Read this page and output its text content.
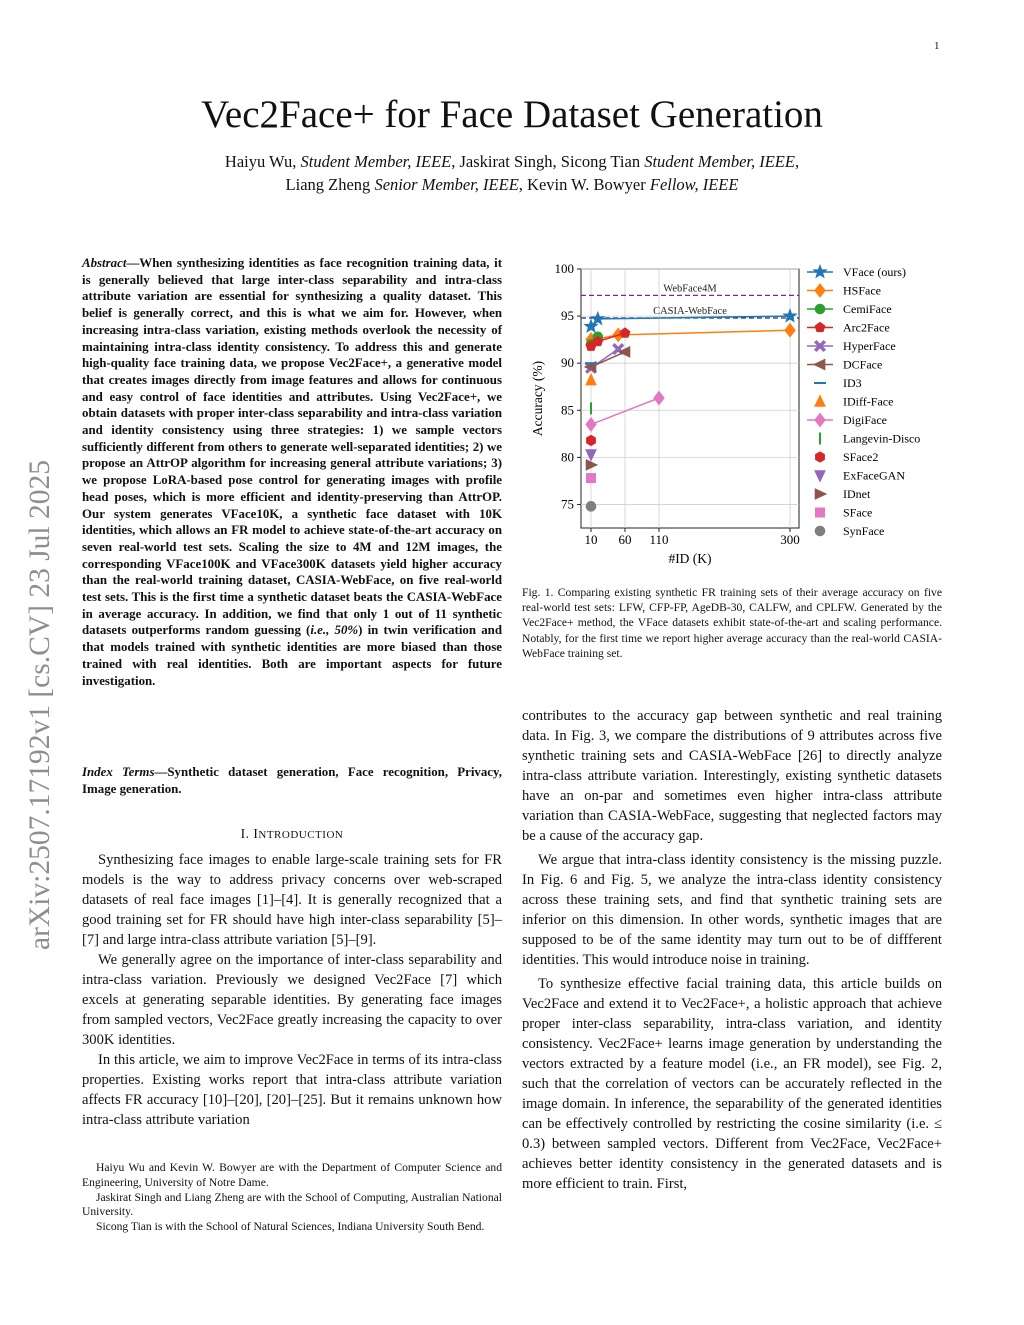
1
arXiv:2507.17192v1 [cs.CV] 23 Jul 2025
Vec2Face+ for Face Dataset Generation
Haiyu Wu, Student Member, IEEE, Jaskirat Singh, Sicong Tian Student Member, IEEE,
Liang Zheng Senior Member, IEEE, Kevin W. Bowyer Fellow, IEEE
Abstract—When synthesizing identities as face recognition training data, it is generally believed that large inter-class separability and intra-class attribute variation are essential for synthesizing a quality dataset. This belief is generally correct, and this is what we aim for. However, when increasing intra-class variation, existing methods overlook the necessity of maintaining intra-class identity consistency. To address this and generate high-quality face training data, we propose Vec2Face+, a generative model that creates images directly from image features and allows for continuous and easy control of face identities and attributes. Using Vec2Face+, we obtain datasets with proper inter-class separability and intra-class variation and identity consistency using three strategies: 1) we sample vectors sufficiently different from others to generate well-separated identities; 2) we propose an AttrOP algorithm for increasing general attribute variations; 3) we propose LoRA-based pose control for generating images with profile head poses, which is more efficient and identity-preserving than AttrOP. Our system generates VFace10K, a synthetic face dataset with 10K identities, which allows an FR model to achieve state-of-the-art accuracy on seven real-world test sets. Scaling the size to 4M and 12M images, the corresponding VFace100K and VFace300K datasets yield higher accuracy than the real-world training dataset, CASIA-WebFace, on five real-world test sets. This is the first time a synthetic dataset beats the CASIA-WebFace in average accuracy. In addition, we find that only 1 out of 11 synthetic datasets outperforms random guessing (i.e., 50%) in twin verification and that models trained with synthetic identities are more biased than those trained with real identities. Both are important aspects for future investigation.
Index Terms—Synthetic dataset generation, Face recognition, Privacy, Image generation.
I. INTRODUCTION

Synthesizing face images to enable large-scale training sets for FR models is the way to address privacy concerns over web-scraped datasets of real face images [1]–[4]. It is generally recognized that a good training set for FR should have high inter-class separability [5]–[7] and large intra-class attribute variation [5]–[9].

We generally agree on the importance of inter-class separability and intra-class variation. Previously we designed Vec2Face [7] which excels at generating separable identities. By generating face images from sampled vectors, Vec2Face greatly increasing the capacity to over 300K identities.

In this article, we aim to improve Vec2Face in terms of its intra-class properties. Existing works report that intra-class attribute variation affects FR accuracy [10]–[20], [20]–[25]. But it remains unknown how intra-class attribute variation

Haiyu Wu and Kevin W. Bowyer are with the Department of Computer Science and Engineering, University of Notre Dame.

Jaskirat Singh and Liang Zheng are with the School of Computing, Australian National University.

Sicong Tian is with the School of Natural Sciences, Indiana University South Bend.

10 60 110	300
75
80
85
90
95
100
#ID (K)
Accuracy (%)
WebFace4M
CASIA-WebFace
VFace (ours)
HSFace
CemiFace
Arc2Face
HyperFace
DCFace
ID3
IDiff-Face
DigiFace
Langevin-Disco
SFace2
ExFaceGAN
IDnet
SFace
SynFace
Fig. 1. Comparing existing synthetic FR training sets of their average accuracy on five real-world test sets: LFW, CFP-FP, AgeDB-30, CALFW, and CPLFW. Generated by the Vec2Face+ method, the VFace datasets exhibit state-of-the-art and scaling performance. Notably, for the first time we report higher average accuracy than the real-world CASIA-WebFace training set.

contributes to the accuracy gap between synthetic and real training data. In Fig. 3, we compare the distributions of 9 attributes across five synthetic training sets and CASIA-WebFace [26] to directly analyze intra-class attribute variation. Interestingly, existing synthetic datasets have an on-par and sometimes even higher intra-class attribute variation than CASIA-WebFace, suggesting that neglected factors may be a cause of the accuracy gap.

We argue that intra-class identity consistency is the missing puzzle. In Fig. 6 and Fig. 5, we analyze the intra-class identity consistency across these training sets, and find that synthetic training sets are inferior on this dimension. In other words, synthetic images that are supposed to be of the same identity may turn out to be of diffferent identities. This would introduce noise in training.

To synthesize effective facial training data, this article builds on Vec2Face and extend it to Vec2Face+, a holistic approach that achieve proper inter-class separability, intra-class variation, and identity consistency. Vec2Face+ learns image generation by understanding the vectors extracted by a feature model (i.e., an FR model), see Fig. 2, such that the correlation of vectors can be accurately reflected in the image domain. In inference, the separability of the generated identities can be effectively controlled by restricting the cosine similarity (i.e. ≤ 0.3) between sampled vectors. Different from Vec2Face, Vec2Face+ achieves better identity consistency in the generated datasets and is more efficient to train. First,
